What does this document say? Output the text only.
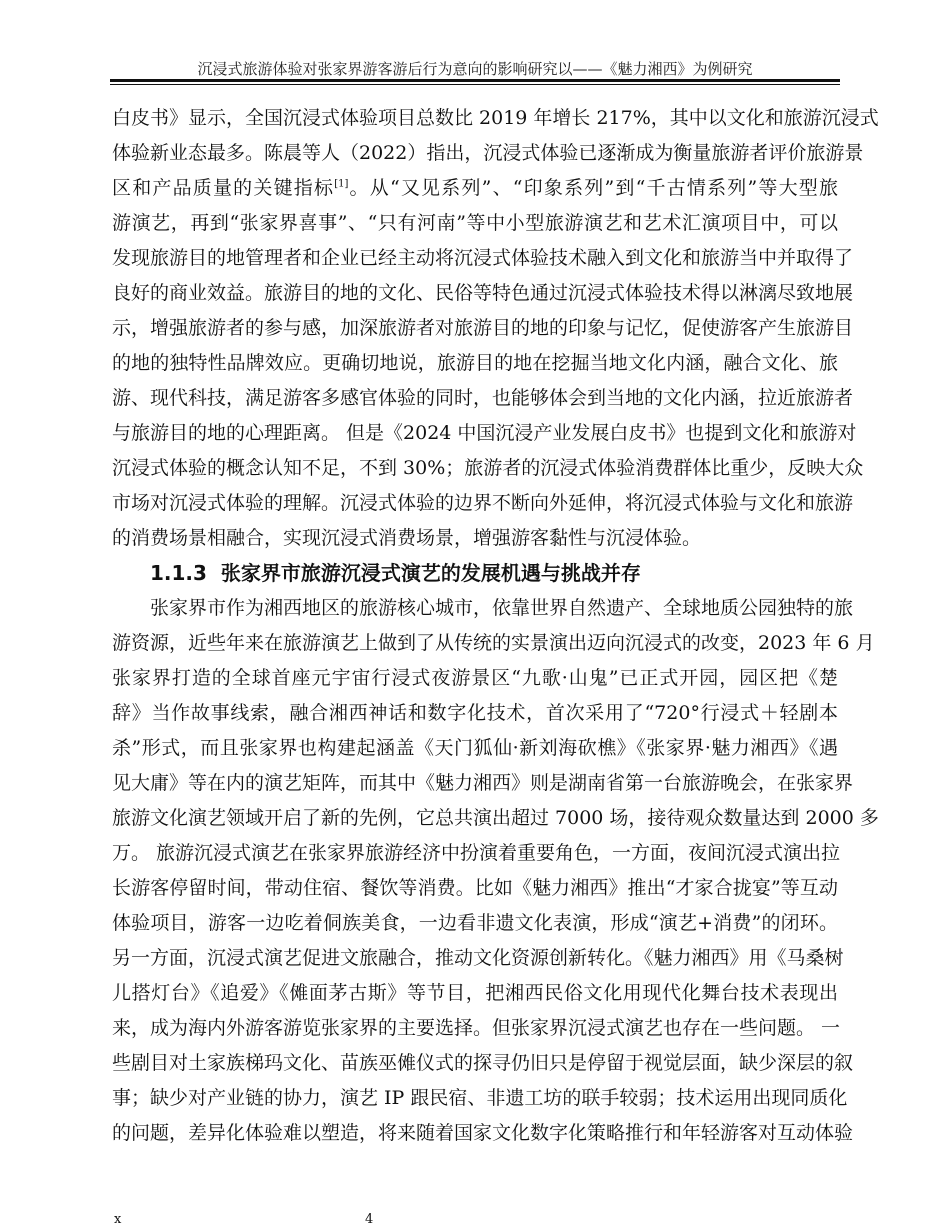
沉浸式旅游体验对张家界游客游后行为意向的影响研究以——《魅力湘西》为例研究
白皮书》显示，全国沉浸式体验项目总数比 2019 年增长 217%，其中以文化和旅游沉浸式
体验新业态最多。陈晨等人（2022）指出，沉浸式体验已逐渐成为衡量旅游者评价旅游景
区和产品质量的关键指标[1]。从“又见系列”、“印象系列”到“千古情系列”等大型旅
游演艺，再到“张家界喜事”、“只有河南”等中小型旅游演艺和艺术汇演项目中，可以
发现旅游目的地管理者和企业已经主动将沉浸式体验技术融入到文化和旅游当中并取得了
良好的商业效益。旅游目的地的文化、民俗等特色通过沉浸式体验技术得以淋漓尽致地展
示，增强旅游者的参与感，加深旅游者对旅游目的地的印象与记忆，促使游客产生旅游目
的地的独特性品牌效应。更确切地说，旅游目的地在挖掘当地文化内涵，融合文化、旅
游、现代科技，满足游客多感官体验的同时，也能够体会到当地的文化内涵，拉近旅游者
与旅游目的地的心理距离。 但是《2024 中国沉浸产业发展白皮书》也提到文化和旅游对
沉浸式体验的概念认知不足，不到 30%；旅游者的沉浸式体验消费群体比重少，反映大众
市场对沉浸式体验的理解。沉浸式体验的边界不断向外延伸，将沉浸式体验与文化和旅游
的消费场景相融合，实现沉浸式消费场景，增强游客黏性与沉浸体验。
1.1.3 张家界市旅游沉浸式演艺的发展机遇与挑战并存
张家界市作为湘西地区的旅游核心城市，依靠世界自然遗产、全球地质公园独特的旅
游资源，近些年来在旅游演艺上做到了从传统的实景演出迈向沉浸式的改变，2023 年 6 月
张家界打造的全球首座元宇宙行浸式夜游景区“九歌·山鬼”已正式开园，园区把《楚
辞》当作故事线索，融合湘西神话和数字化技术，首次采用了“720°行浸式＋轻剧本
杀”形式，而且张家界也构建起涵盖《天门狐仙·新刘海砍樵》《张家界·魅力湘西》《遇
见大庸》等在内的演艺矩阵，而其中《魅力湘西》则是湖南省第一台旅游晚会，在张家界
旅游文化演艺领域开启了新的先例，它总共演出超过 7000 场，接待观众数量达到 2000 多
万。 旅游沉浸式演艺在张家界旅游经济中扮演着重要角色，一方面，夜间沉浸式演出拉
长游客停留时间，带动住宿、餐饮等消费。比如《魅力湘西》推出“才家合拢宴”等互动
体验项目，游客一边吃着侗族美食，一边看非遗文化表演，形成“演艺+消费”的闭环。
另一方面，沉浸式演艺促进文旅融合，推动文化资源创新转化。《魅力湘西》用《马桑树
儿搭灯台》《追爱》《傩面茅古斯》等节目，把湘西民俗文化用现代化舞台技术表现出
来，成为海内外游客游览张家界的主要选择。但张家界沉浸式演艺也存在一些问题。 一
些剧目对土家族梯玛文化、苗族巫傩仪式的探寻仍旧只是停留于视觉层面，缺少深层的叙
事；缺少对产业链的协力，演艺 IP 跟民宿、非遗工坊的联手较弱；技术运用出现同质化
的问题，差异化体验难以塑造，将来随着国家文化数字化策略推行和年轻游客对互动体验
x	4
